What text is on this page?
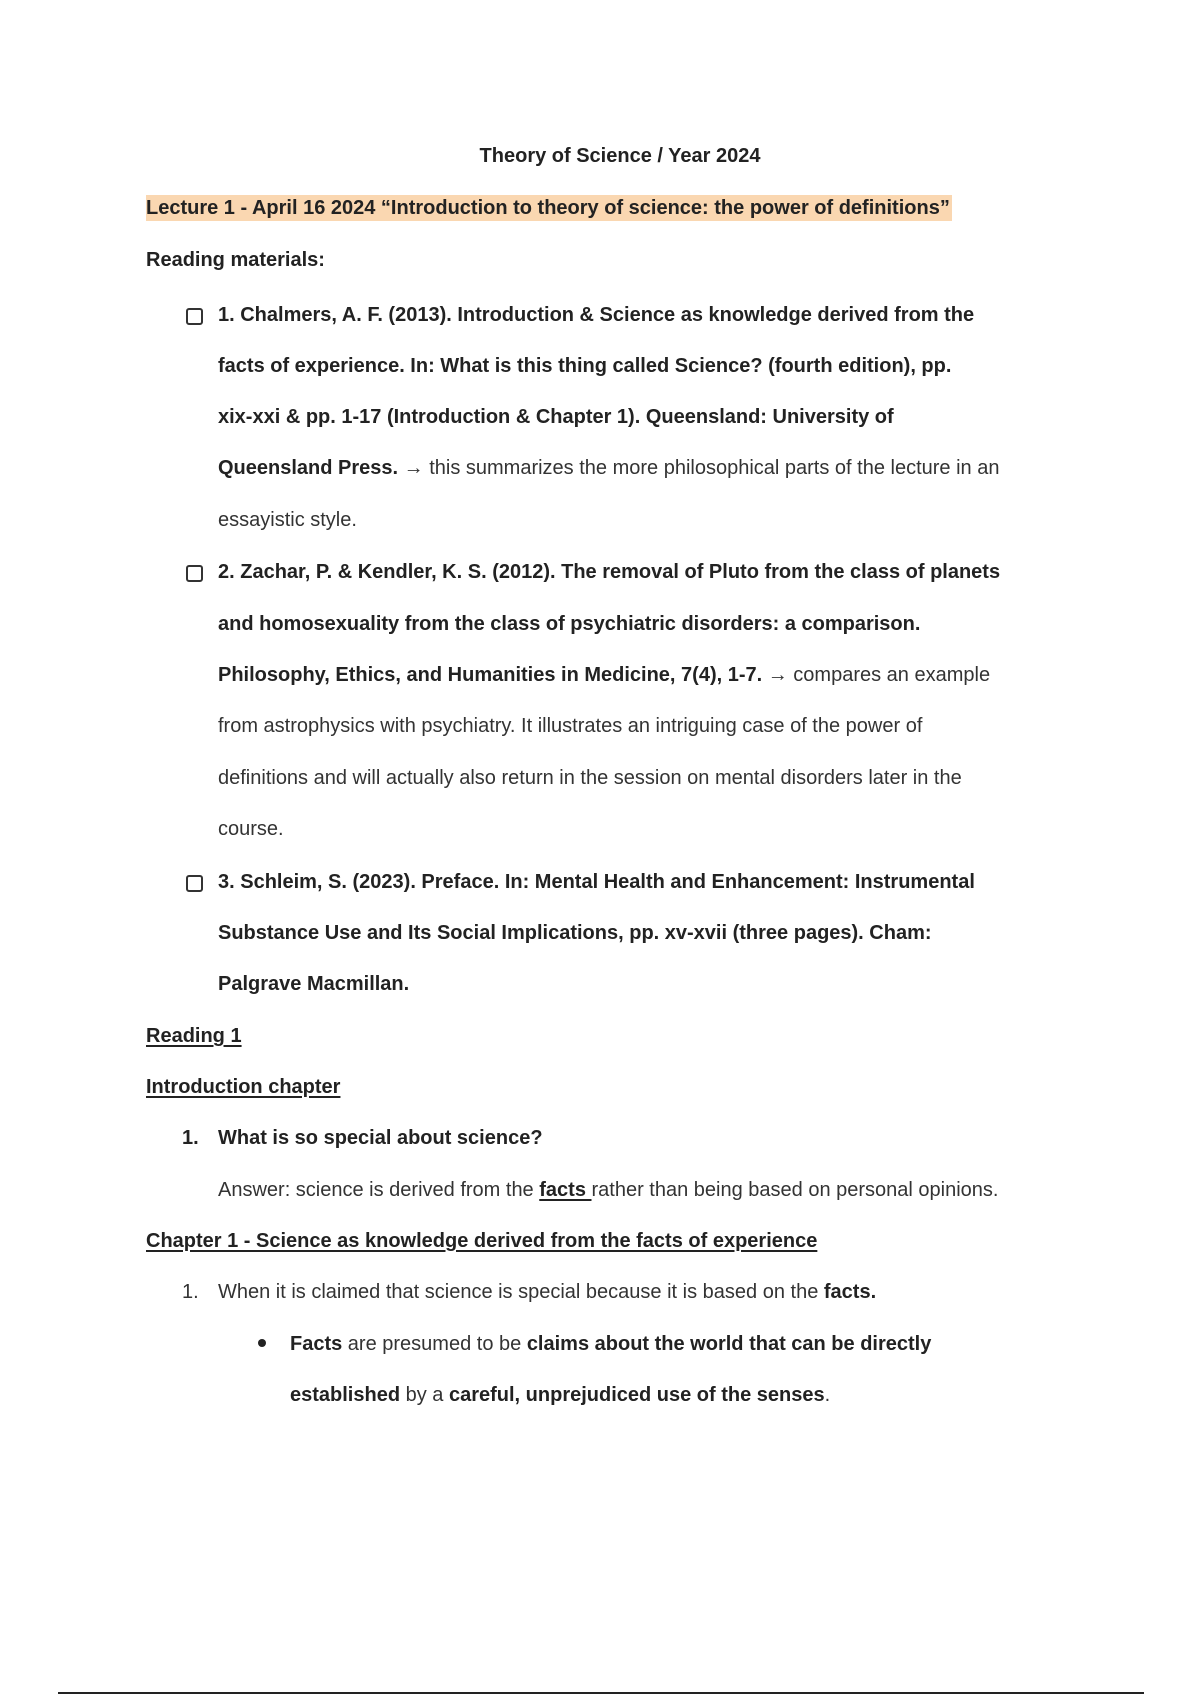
Theory of Science / Year 2024
Lecture 1 - April 16 2024 “Introduction to theory of science: the power of definitions”
Reading materials:
1. Chalmers, A. F. (2013). Introduction & Science as knowledge derived from the
facts of experience. In: What is this thing called Science? (fourth edition), pp.
xix-xxi & pp. 1-17 (Introduction & Chapter 1). Queensland: University of
Queensland Press. → this summarizes the more philosophical parts of the lecture in an
essayistic style.
2. Zachar, P. & Kendler, K. S. (2012). The removal of Pluto from the class of planets
and homosexuality from the class of psychiatric disorders: a comparison.
Philosophy, Ethics, and Humanities in Medicine, 7(4), 1-7. → compares an example
from astrophysics with psychiatry. It illustrates an intriguing case of the power of
definitions and will actually also return in the session on mental disorders later in the
course.
3. Schleim, S. (2023). Preface. In: Mental Health and Enhancement: Instrumental
Substance Use and Its Social Implications, pp. xv-xvii (three pages). Cham:
Palgrave Macmillan.
Reading 1
Introduction chapter
1. What is so special about science?
Answer: science is derived from the facts rather than being based on personal opinions.
Chapter 1 - Science as knowledge derived from the facts of experience
1. When it is claimed that science is special because it is based on the facts.
Facts are presumed to be claims about the world that can be directly
established by a careful, unprejudiced use of the senses.
